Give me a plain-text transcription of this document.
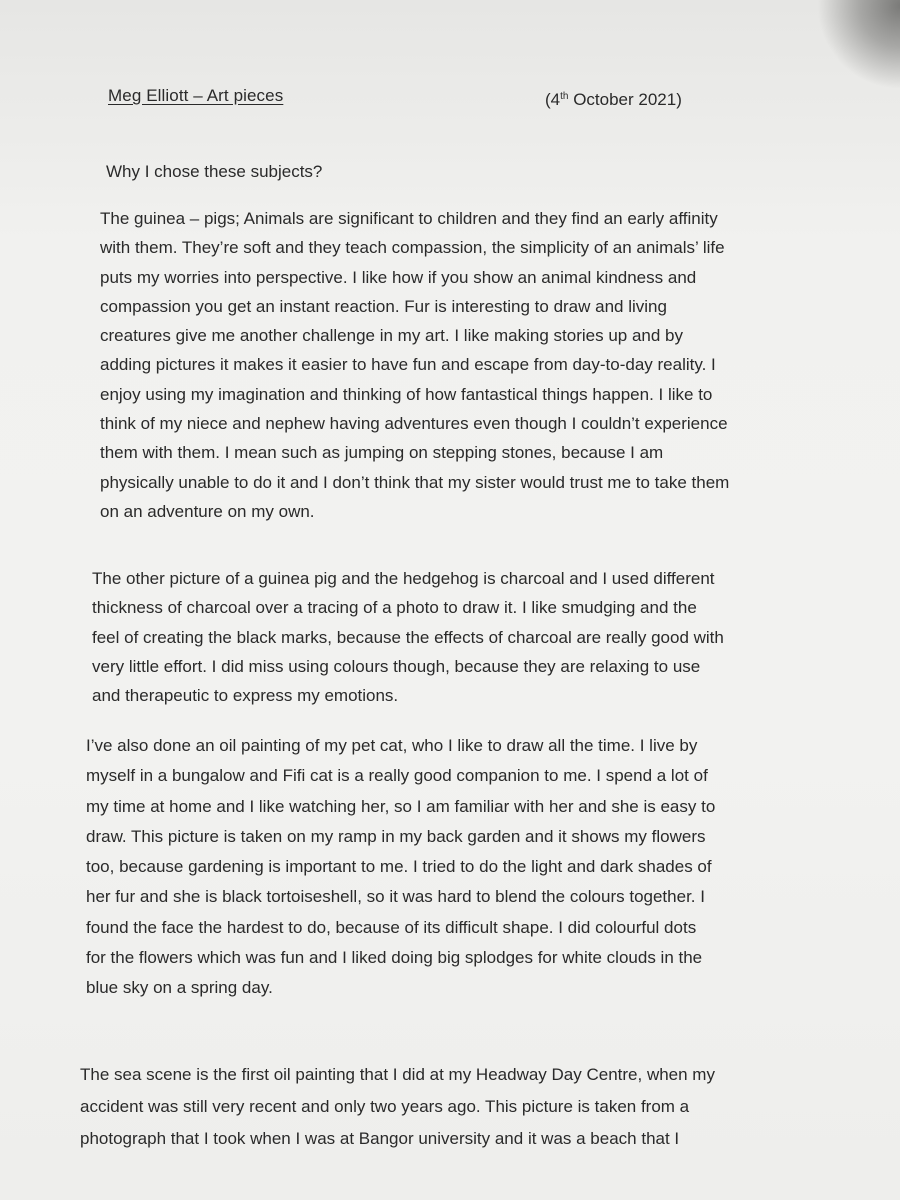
Meg Elliott – Art pieces	(4th October 2021)
Why I chose these subjects?
The guinea – pigs; Animals are significant to children and they find an early affinity
with them. They’re soft and they teach compassion, the simplicity of an animals’ life
puts my worries into perspective. I like how if you show an animal kindness and
compassion you get an instant reaction. Fur is interesting to draw and living
creatures give me another challenge in my art. I like making stories up and by
adding pictures it makes it easier to have fun and escape from day-to-day reality. I
enjoy using my imagination and thinking of how fantastical things happen. I like to
think of my niece and nephew having adventures even though I couldn’t experience
them with them. I mean such as jumping on stepping stones, because I am
physically unable to do it and I don’t think that my sister would trust me to take them
on an adventure on my own.
The other picture of a guinea pig and the hedgehog is charcoal and I used different
thickness of charcoal over a tracing of a photo to draw it. I like smudging and the
feel of creating the black marks, because the effects of charcoal are really good with
very little effort. I did miss using colours though, because they are relaxing to use
and therapeutic to express my emotions.
I’ve also done an oil painting of my pet cat, who I like to draw all the time. I live by
myself in a bungalow and Fifi cat is a really good companion to me. I spend a lot of
my time at home and I like watching her, so I am familiar with her and she is easy to
draw. This picture is taken on my ramp in my back garden and it shows my flowers
too, because gardening is important to me. I tried to do the light and dark shades of
her fur and she is black tortoiseshell, so it was hard to blend the colours together. I
found the face the hardest to do, because of its difficult shape. I did colourful dots
for the flowers which was fun and I liked doing big splodges for white clouds in the
blue sky on a spring day.
The sea scene is the first oil painting that I did at my Headway Day Centre, when my
accident was still very recent and only two years ago. This picture is taken from a
photograph that I took when I was at Bangor university and it was a beach that I
